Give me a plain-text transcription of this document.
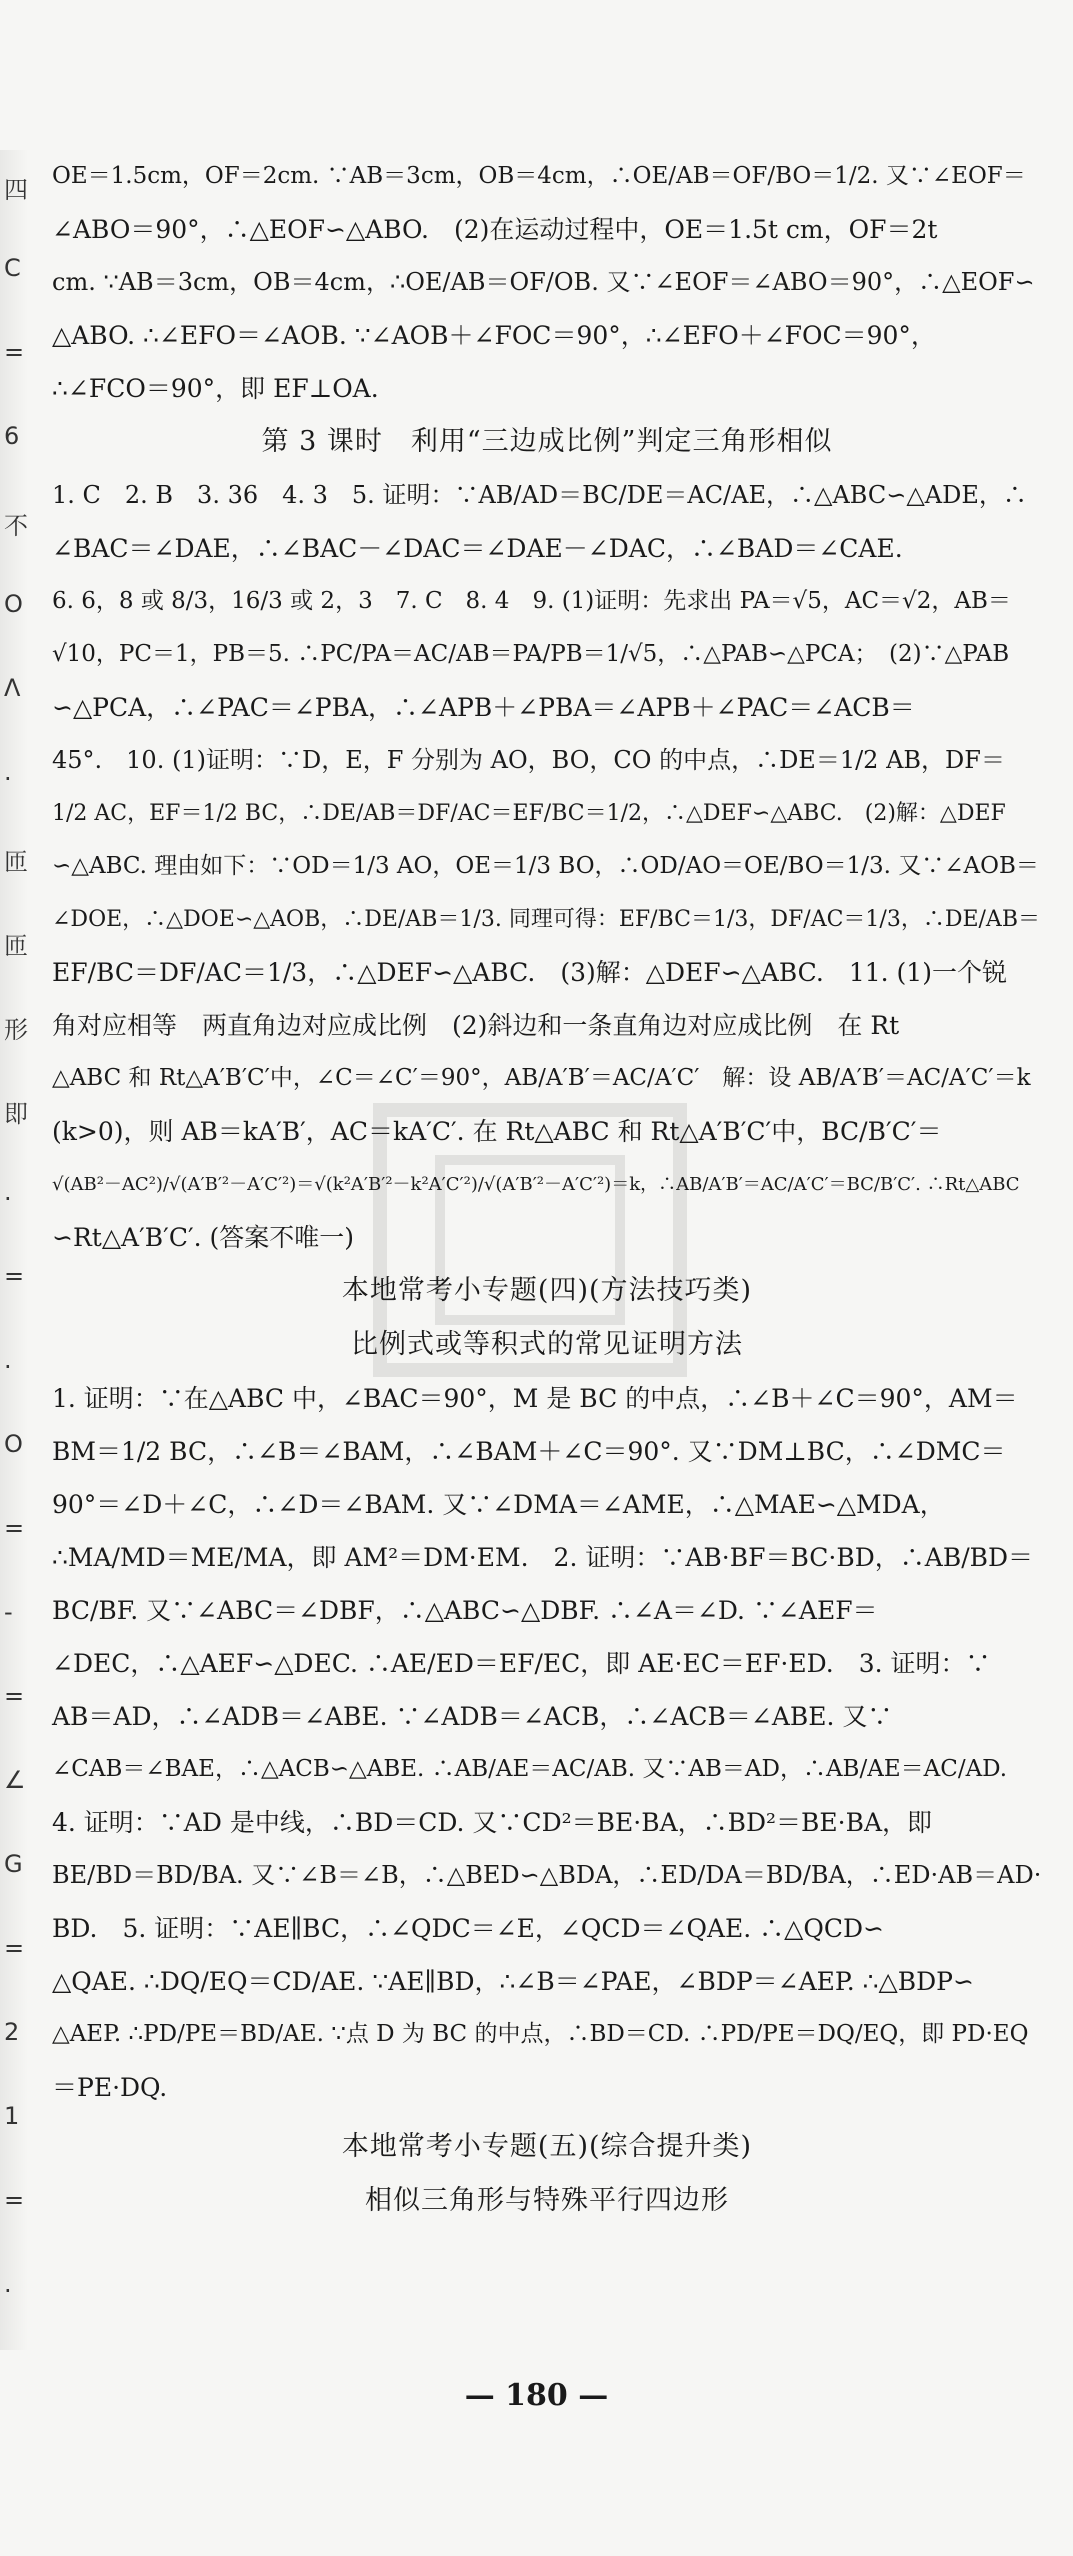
四
C
=
6
不
O
Λ
.
匝
匝
形
即
.
=
.
O
=
-
=
∠
G
=
2
1
=
.
OE＝1.5cm，OF＝2cm. ∵AB＝3cm，OB＝4cm，∴OE/AB＝OF/BO＝1/2. 又∵∠EOF＝
∠ABO＝90°，∴△EOF∽△ABO.　(2)在运动过程中，OE＝1.5t cm，OF＝2t
cm. ∵AB＝3cm，OB＝4cm，∴OE/AB＝OF/OB. 又∵∠EOF＝∠ABO＝90°，∴△EOF∽
△ABO. ∴∠EFO＝∠AOB. ∵∠AOB＋∠FOC＝90°，∴∠EFO＋∠FOC＝90°，
∴∠FCO＝90°，即 EF⊥OA.
第 3 课时　利用“三边成比例”判定三角形相似
1. C　2. B　3. 36　4. 3　5. 证明：∵AB/AD＝BC/DE＝AC/AE，∴△ABC∽△ADE，∴
∠BAC＝∠DAE，∴∠BAC－∠DAC＝∠DAE－∠DAC，∴∠BAD＝∠CAE.
6. 6，8 或 8/3，16/3 或 2，3　7. C　8. 4　9. (1)证明：先求出 PA＝√5，AC＝√2，AB＝
√10，PC＝1，PB＝5. ∴PC/PA＝AC/AB＝PA/PB＝1/√5，∴△PAB∽△PCA；　(2)∵△PAB
∽△PCA，∴∠PAC＝∠PBA，∴∠APB＋∠PBA＝∠APB＋∠PAC＝∠ACB＝
45°.　10. (1)证明：∵D，E，F 分别为 AO，BO，CO 的中点，∴DE＝1/2 AB，DF＝
1/2 AC，EF＝1/2 BC，∴DE/AB＝DF/AC＝EF/BC＝1/2，∴△DEF∽△ABC.　(2)解：△DEF
∽△ABC. 理由如下：∵OD＝1/3 AO，OE＝1/3 BO，∴OD/AO＝OE/BO＝1/3. 又∵∠AOB＝
∠DOE，∴△DOE∽△AOB，∴DE/AB＝1/3. 同理可得：EF/BC＝1/3，DF/AC＝1/3，∴DE/AB＝
EF/BC＝DF/AC＝1/3，∴△DEF∽△ABC.　(3)解：△DEF∽△ABC.　11. (1)一个锐
角对应相等　两直角边对应成比例　(2)斜边和一条直角边对应成比例　在 Rt
△ABC 和 Rt△A′B′C′中，∠C＝∠C′＝90°，AB/A′B′＝AC/A′C′　解：设 AB/A′B′＝AC/A′C′＝k
(k>0)，则 AB＝kA′B′，AC＝kA′C′. 在 Rt△ABC 和 Rt△A′B′C′中，BC/B′C′＝
√(AB²－AC²)/√(A′B′²－A′C′²)＝√(k²A′B′²－k²A′C′²)/√(A′B′²－A′C′²)＝k，∴AB/A′B′＝AC/A′C′＝BC/B′C′. ∴Rt△ABC
∽Rt△A′B′C′. (答案不唯一)
本地常考小专题(四)(方法技巧类)
比例式或等积式的常见证明方法
1. 证明：∵在△ABC 中，∠BAC＝90°，M 是 BC 的中点，∴∠B＋∠C＝90°，AM＝
BM＝1/2 BC，∴∠B＝∠BAM，∴∠BAM＋∠C＝90°. 又∵DM⊥BC，∴∠DMC＝
90°＝∠D＋∠C，∴∠D＝∠BAM. 又∵∠DMA＝∠AME，∴△MAE∽△MDA，
∴MA/MD＝ME/MA，即 AM²＝DM·EM.　2. 证明：∵AB·BF＝BC·BD，∴AB/BD＝
BC/BF. 又∵∠ABC＝∠DBF，∴△ABC∽△DBF. ∴∠A＝∠D. ∵∠AEF＝
∠DEC，∴△AEF∽△DEC. ∴AE/ED＝EF/EC，即 AE·EC＝EF·ED.　3. 证明：∵
AB＝AD，∴∠ADB＝∠ABE. ∵∠ADB＝∠ACB，∴∠ACB＝∠ABE. 又∵
∠CAB＝∠BAE，∴△ACB∽△ABE. ∴AB/AE＝AC/AB. 又∵AB＝AD，∴AB/AE＝AC/AD.
4. 证明：∵AD 是中线，∴BD＝CD. 又∵CD²＝BE·BA，∴BD²＝BE·BA，即
BE/BD＝BD/BA. 又∵∠B＝∠B，∴△BED∽△BDA，∴ED/DA＝BD/BA，∴ED·AB＝AD·
BD.　5. 证明：∵AE∥BC，∴∠QDC＝∠E，∠QCD＝∠QAE. ∴△QCD∽
△QAE. ∴DQ/EQ＝CD/AE. ∵AE∥BD，∴∠B＝∠PAE，∠BDP＝∠AEP. ∴△BDP∽
△AEP. ∴PD/PE＝BD/AE. ∵点 D 为 BC 的中点，∴BD＝CD. ∴PD/PE＝DQ/EQ，即 PD·EQ
＝PE·DQ.
本地常考小专题(五)(综合提升类)
相似三角形与特殊平行四边形
— 180 —
